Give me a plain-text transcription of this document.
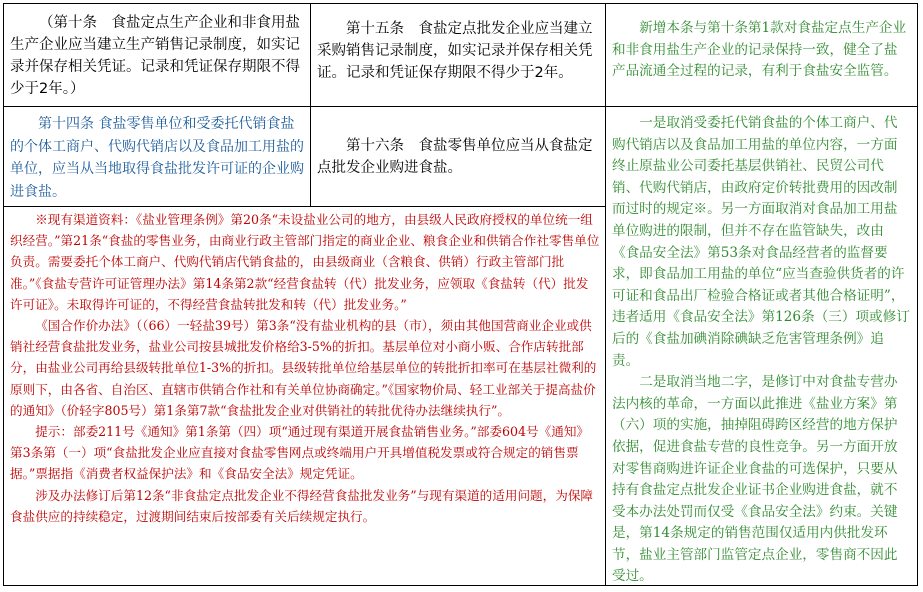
（第十条　食盐定点生产企业和非食用盐生产企业应当建立生产销售记录制度，如实记录并保存相关凭证。记录和凭证保存期限不得少于2年。）

第十五条　食盐定点批发企业应当建立采购销售记录制度，如实记录并保存相关凭证。记录和凭证保存期限不得少于2年。

新增本条与第十条第1款对食盐定点生产企业和非食用盐生产企业的记录保持一致，健全了盐产品流通全过程的记录，有利于食盐安全监管。

第十四条 食盐零售单位和受委托代销食盐的个体工商户、代购代销店以及食品加工用盐的单位，应当从当地取得食盐批发许可证的企业购进食盐。

第十六条　食盐零售单位应当从食盐定点批发企业购进食盐。

※现有渠道资料：《盐业管理条例》第20条“未设盐业公司的地方，由县级人民政府授权的单位统一组织经营。”第21条“食盐的零售业务，由商业行政主管部门指定的商业企业、粮食企业和供销合作社零售单位负责。需要委托个体工商户、代购代销店代销食盐的，由县级商业（含粮食、供销）行政主管部门批准。”《食盐专营许可证管理办法》第14条第2款“经营食盐转（代）批发业务，应领取《食盐转（代）批发许可证》。未取得许可证的，不得经营食盐转批发和转（代）批发业务。”

《国合作价办法》（（66）一轻盐39号）第3条“没有盐业机构的县（市），须由其他国营商业企业或供销社经营食盐批发业务，盐业公司按县城批发价格给3-5%的折扣。基层单位对小商小贩、合作店转批部分，由盐业公司再给县级转批单位1-3%的折扣。县级转批单位给基层单位的转批折扣率可在基层社微利的原则下，由各省、自治区、直辖市供销合作社和有关单位协商确定。”《国家物价局、轻工业部关于提高盐价的通知》（价轻字805号）第1条第7款“食盐批发企业对供销社的转批优待办法继续执行”。

提示：部委211号《通知》第1条第（四）项“通过现有渠道开展食盐销售业务。”部委604号《通知》第3条第（一）项“食盐批发企业应直接对食盐零售网点或终端用户开具增值税发票或符合规定的销售票据。”票据指《消费者权益保护法》和《食品安全法》规定凭证。

涉及办法修订后第12条“非食盐定点批发企业不得经营食盐批发业务”与现有渠道的适用问题，为保障食盐供应的持续稳定，过渡期间结束后按部委有关后续规定执行。

一是取消受委托代销食盐的个体工商户、代购代销店以及食品加工用盐的单位内容，一方面终止原盐业公司委托基层供销社、民贸公司代销、代购代销店，由政府定价转批费用的因改制而过时的规定※。另一方面取消对食品加工用盐单位购进的限制，但并不存在监管缺失，改由《食品安全法》第53条对食品经营者的监督要求，即食品加工用盐的单位“应当查验供货者的许可证和食品出厂检验合格证或者其他合格证明”，违者适用《食品安全法》第126条（三）项或修订后的《食盐加碘消除碘缺乏危害管理条例》追责。

二是取消当地二字，是修订中对食盐专营办法内核的革命，一方面以此推进《盐业方案》第（六）项的实施，抽掉阻碍跨区经营的地方保护依据，促进食盐专营的良性竞争。另一方面开放对零售商购进许证企业食盐的可选保护，只要从持有食盐定点批发企业证书企业购进食盐，就不受本办法处罚而仅受《食品安全法》约束。关键是，第14条规定的销售范围仅适用内供批发环节，盐业主管部门监管定点企业，零售商不因此受过。
